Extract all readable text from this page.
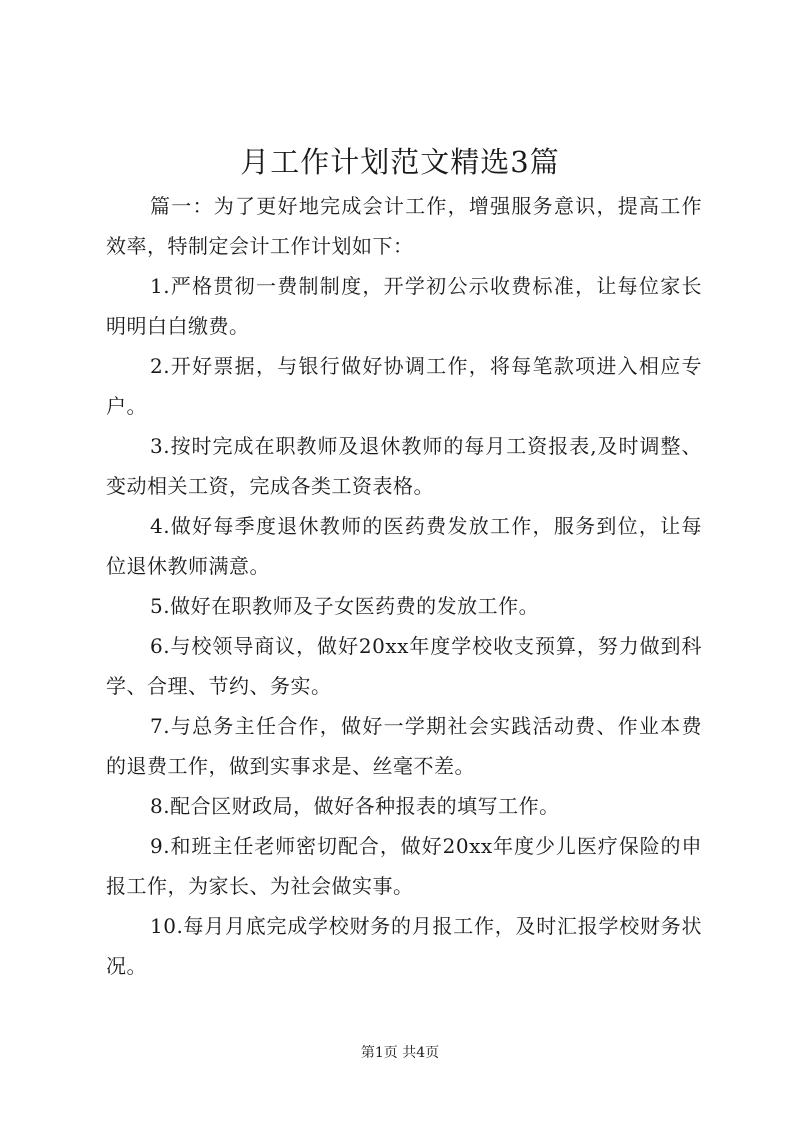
月工作计划范文精选3篇

篇一：为了更好地完成会计工作，增强服务意识，提高工作效率，特制定会计工作计划如下：

1.严格贯彻一费制制度，开学初公示收费标准，让每位家长明明白白缴费。

2.开好票据，与银行做好协调工作，将每笔款项进入相应专户。

3.按时完成在职教师及退休教师的每月工资报表,及时调整、变动相关工资，完成各类工资表格。

4.做好每季度退休教师的医药费发放工作，服务到位，让每位退休教师满意。

5.做好在职教师及子女医药费的发放工作。

6.与校领导商议，做好20xx年度学校收支预算，努力做到科学、合理、节约、务实。

7.与总务主任合作，做好一学期社会实践活动费、作业本费的退费工作，做到实事求是、丝毫不差。

8.配合区财政局，做好各种报表的填写工作。

9.和班主任老师密切配合，做好20xx年度少儿医疗保险的申报工作，为家长、为社会做实事。

10.每月月底完成学校财务的月报工作，及时汇报学校财务状况。

第1页 共4页
